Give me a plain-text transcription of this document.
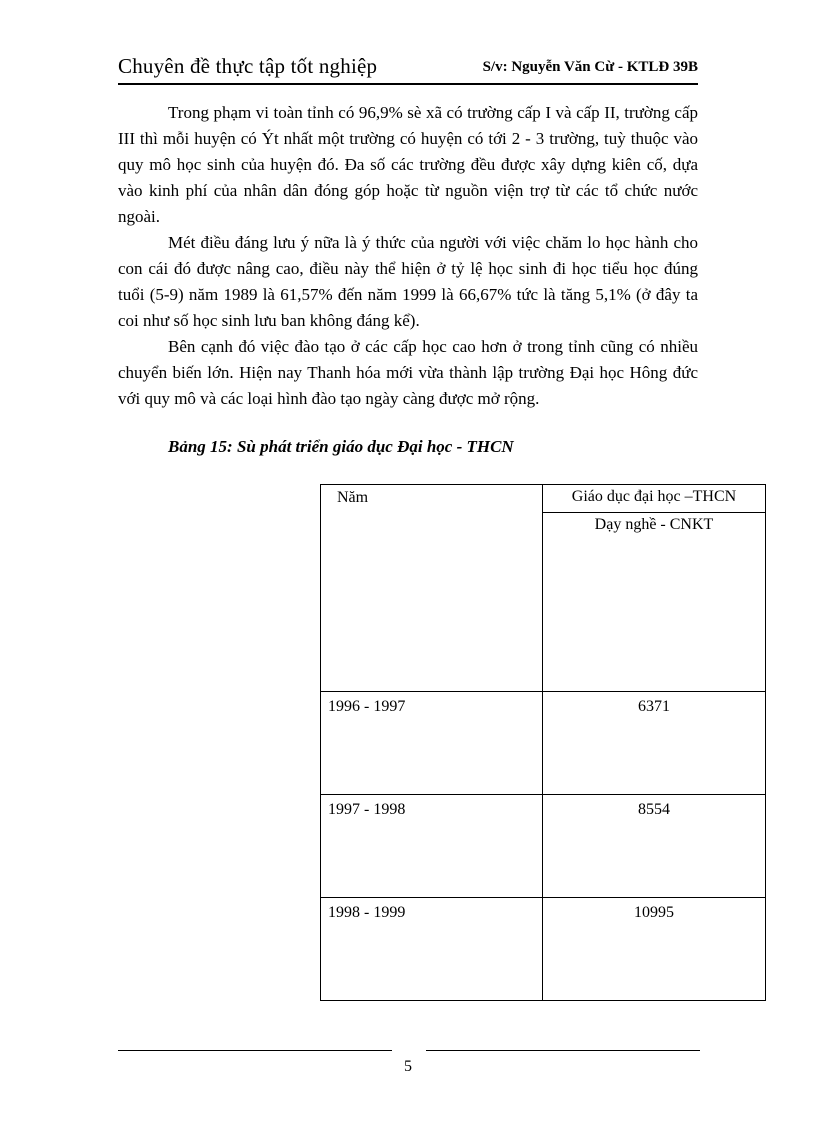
Chuyên đề thực tập tốt nghiệp	S/v: Nguyễn Văn Cừ - KTLĐ 39B

Trong phạm vi toàn tỉnh có 96,9% sè xã có trường cấp I và cấp II, trường cấp III thì mỗi huyện có Ýt nhất một trường có huyện có tới 2 - 3 trường, tuỳ thuộc vào quy mô học sinh của huyện đó. Đa số các trường đều được xây dựng kiên cố, dựa vào kinh phí của nhân dân đóng góp hoặc từ nguồn viện trợ từ các tổ chức nước ngoài.

Mét điều đáng lưu ý nữa là ý thức của người với việc chăm lo học hành cho con cái đó được nâng cao, điều này thể hiện ở tỷ lệ học sinh đi học tiểu học đúng tuổi (5-9) năm 1989 là 61,57% đến năm 1999 là 66,67% tức là tăng 5,1% (ở đây ta coi như số học sinh lưu ban không đáng kể).

Bên cạnh đó việc đào tạo ở các cấp học cao hơn ở trong tỉnh cũng có nhiều chuyển biến lớn. Hiện nay Thanh hóa mới vừa thành lập trường Đại học Hông đức với quy mô và các loại hình đào tạo ngày càng được mở rộng.

Bảng 15: Sù phát triển giáo dục Đại học - THCN
Năm	Giáo dục đại học –THCN

	Dạy nghề - CNKT

1996 - 1997	6371

1997 - 1998	8554

1998 - 1999	10995
5
